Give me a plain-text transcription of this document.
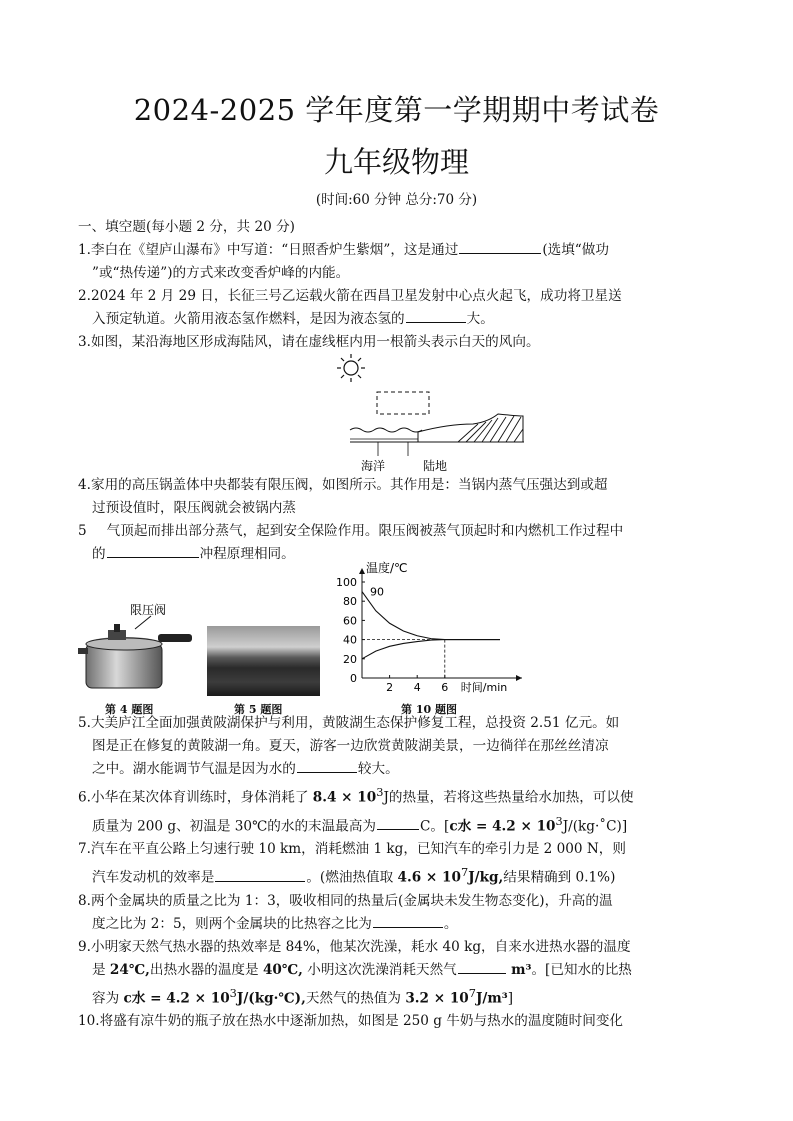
2024-2025 学年度第一学期期中考试卷
九年级物理
(时间:60 分钟 总分:70 分)

一、填空题(每小题 2 分，共 20 分)

1.李白在《望庐山瀑布》中写道：“日照香炉生紫烟”，这是通过	(选填“做功

”或“热传递”)的方式来改变香炉峰的内能。

2.2024 年 2 月 29 日，长征三号乙运载火箭在西昌卫星发射中心点火起飞，成功将卫星送

入预定轨道。火箭用液态氢作燃料，是因为液态氢的	大。

3.如图，某沿海地区形成海陆风，请在虚线框内用一根箭头表示白天的风向。

海洋	陆地

4.家用的高压锅盖体中央都装有限压阀，如图所示。其作用是：当锅内蒸气压强达到或超

过预设值时，限压阀就会被锅内蒸

5 气顶起而排出部分蒸气，起到安全保险作用。限压阀被蒸气顶起时和内燃机工作过程中

的	冲程原理相同。

限压阀
第 4 题图	第 5 题图
0
20
40
60
80
100
2 4 6
温度/℃
时间/min
90
第 10 题图

5.大美庐江全面加强黄陂湖保护与利用，黄陂湖生态保护修复工程，总投资 2.51 亿元。如

图是正在修复的黄陂湖一角。夏天，游客一边欣赏黄陂湖美景，一边徜徉在那丝丝清凉

之中。湖水能调节气温是因为水的	较大。

6.小华在某次体育训练时，身体消耗了 $8.4 \times 10^3J$的热量，若将这些热量给水加热，可以使

质量为 200 g、初温是 30℃的水的末温最高为	C。[c水 = $4.2 \times 10^3J/(kg\cdot˚C)$]

7.汽车在平直公路上匀速行驶 10 km，消耗燃油 1 kg，已知汽车的牵引力是 2 000 N，则

汽车发动机的效率是	。(燃油热值取 $4.6 \times 10^7J/kg$,结果精确到 0.1%)

8.两个金属块的质量之比为 1：3，吸收相同的热量后(金属块未发生物态变化)，升高的温

度之比为 2：5，则两个金属块的比热容之比为	。

9.小明家天然气热水器的热效率是 84%，他某次洗澡，耗水 40 kg，自来水进热水器的温度

是 24℃,出热水器的温度是 40℃, 小明这次洗澡消耗天然气	m³。[已知水的比热

容为 c水 = $4.2 \times 10^3J/(kg\cdot℃)$,天然气的热值为 $3.2 \times 10^7J/m^3$]

10.将盛有凉牛奶的瓶子放在热水中逐渐加热，如图是 250 g 牛奶与热水的温度随时间变化
